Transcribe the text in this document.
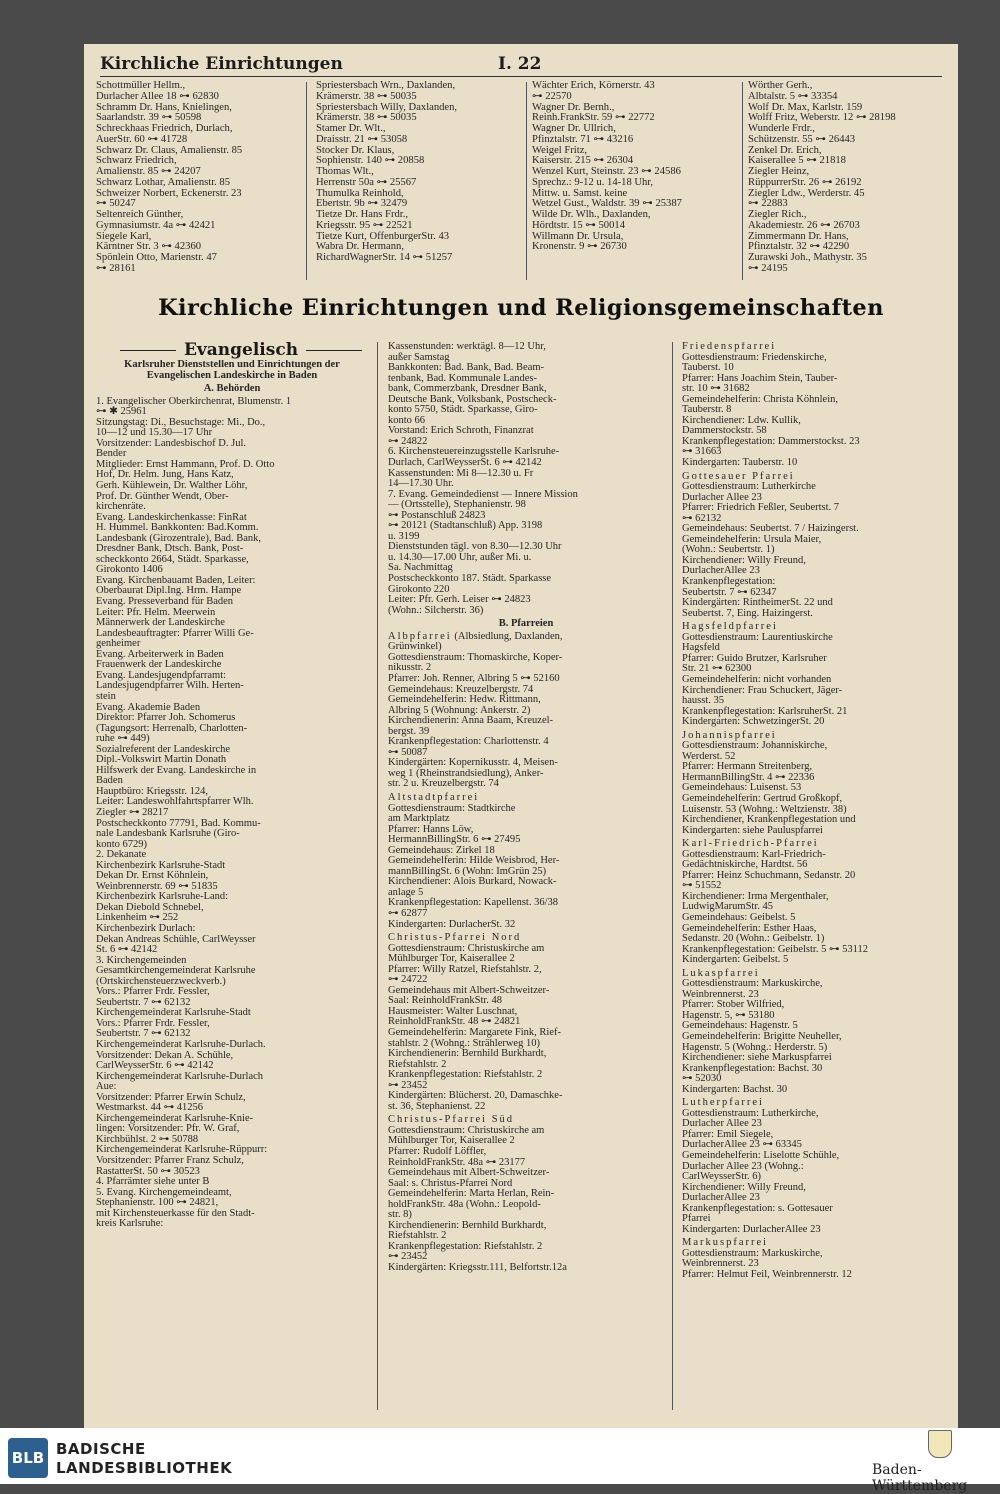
Kirchliche Einrichtungen	I. 22

Schottmüller Hellm.,
Durlacher Allee 18 ⊶ 62830
Schramm Dr. Hans, Knielingen,
Saarlandstr. 39 ⊶ 50598
Schreckhaas Friedrich, Durlach,
AuerStr. 60 ⊶ 41728
Schwarz Dr. Claus, Amalienstr. 85
Schwarz Friedrich,
Amalienstr. 85 ⊶ 24207
Schwarz Lothar, Amalienstr. 85
Schweizer Norbert, Eckenerstr. 23
⊶ 50247
Seltenreich Günther,
Gymnasiumstr. 4a ⊶ 42421
Siegele Karl,
Kärntner Str. 3 ⊶ 42360
Spönlein Otto, Marienstr. 47
⊶ 28161

Spriestersbach Wrn., Daxlanden,
Krämerstr. 38 ⊶ 50035
Spriestersbach Willy, Daxlanden,
Krämerstr. 38 ⊶ 50035
Stamer Dr. Wlt.,
Draisstr. 21 ⊶ 53058
Stocker Dr. Klaus,
Sophienstr. 140 ⊶ 20858
Thomas Wlt.,
Herrenstr 50a ⊶ 25567
Thumulka Reinhold,
Ebertstr. 9b ⊶ 32479
Tietze Dr. Hans Frdr.,
Kriegsstr. 95 ⊶ 22521
Tietze Kurt, OffenburgerStr. 43
Wabra Dr. Hermann,
RichardWagnerStr. 14 ⊶ 51257

Wächter Erich, Körnerstr. 43
⊶ 22570
Wagner Dr. Bernh.,
Reinh.FrankStr. 59 ⊶ 22772
Wagner Dr. Ullrich,
Pfinztalstr. 71 ⊶ 43216
Weigel Fritz,
Kaiserstr. 215 ⊶ 26304
Wenzel Kurt, Steinstr. 23 ⊶ 24586
Sprechz.: 9-12 u. 14-18 Uhr,
Mittw. u. Samst. keine
Wetzel Gust., Waldstr. 39 ⊶ 25387
Wilde Dr. Wlh., Daxlanden,
Hördtstr. 15 ⊶ 50014
Willmann Dr. Ursula,
Kronenstr. 9 ⊶ 26730

Wörther Gerh.,
Albtalstr. 5 ⊶ 33354
Wolf Dr. Max, Karlstr. 159
Wolff Fritz, Weberstr. 12 ⊶ 28198
Wunderle Frdr.,
Schützenstr. 55 ⊶ 26443
Zenkel Dr. Erich,
Kaiserallee 5 ⊶ 21818
Ziegler Heinz,
RüppurrerStr. 26 ⊶ 26192
Ziegler Ldw., Werderstr. 45
⊶ 22883
Ziegler Rich.,
Akademiestr. 26 ⊶ 26703
Zimmermann Dr. Hans,
Pfinztalstr. 32 ⊶ 42290
Zurawski Joh., Mathystr. 35
⊶ 24195

Kirchliche Einrichtungen und Religionsgemeinschaften
Evangelisch

Karlsruher Dienststellen und Einrichtungen der Evangelischen Landeskirche in Baden

A. Behörden

1. Evangelischer Oberkirchenrat, Blumenstr. 1
⊶ ✱ 25961
Sitzungstag: Di., Besuchstage: Mi., Do.,
10—12 und 15.30—17 Uhr
Vorsitzender: Landesbischof D. Jul.
Bender
Mitglieder: Ernst Hammann, Prof. D. Otto
Hof, Dr. Helm. Jung, Hans Katz,
Gerh. Kühlewein, Dr. Walther Löhr,
Prof. Dr. Günther Wendt, Ober-
kirchenräte.
Evang. Landeskirchenkasse: FinRat
H. Hummel. Bankkonten: Bad.Komm.
Landesbank (Girozentrale), Bad. Bank,
Dresdner Bank, Dtsch. Bank, Post-
scheckkonto 2664, Städt. Sparkasse,
Girokonto 1406
Evang. Kirchenbauamt Baden, Leiter:
Oberbaurat Dipl.Ing. Hrm. Hampe
Evang. Presseverband für Baden
Leiter: Pfr. Helm. Meerwein
Männerwerk der Landeskirche
Landesbeauftragter: Pfarrer Willi Ge-
genheimer
Evang. Arbeiterwerk in Baden
Frauenwerk der Landeskirche
Evang. Landesjugendpfarramt:
Landesjugendpfarrer Wilh. Herten-
stein
Evang. Akademie Baden
Direktor: Pfarrer Joh. Schomerus
(Tagungsort: Herrenalb, Charlotten-
ruhe ⊶ 449)
Sozialreferent der Landeskirche
Dipl.-Volkswirt Martin Donath
Hilfswerk der Evang. Landeskirche in
Baden
Hauptbüro: Kriegsstr. 124,
Leiter: Landeswohlfahrtspfarrer Wlh.
Ziegler ⊶ 28217
Postscheckkonto 77791, Bad. Kommu-
nale Landesbank Karlsruhe (Giro-
konto 6729)
2. Dekanate
Kirchenbezirk Karlsruhe-Stadt
Dekan Dr. Ernst Köhnlein,
Weinbrennerstr. 69 ⊶ 51835
Kirchenbezirk Karlsruhe-Land:
Dekan Diebold Schnebel,
Linkenheim ⊶ 252
Kirchenbezirk Durlach:
Dekan Andreas Schühle, CarlWeysser
St. 6 ⊶ 42142
3. Kirchengemeinden
Gesamtkirchengemeinderat Karlsruhe
(Ortskirchensteuerzweckverb.)
Vors.: Pfarrer Frdr. Fessler,
Seubertstr. 7 ⊶ 62132
Kirchengemeinderat Karlsruhe-Stadt
Vors.: Pfarrer Frdr. Fessler,
Seubertstr. 7 ⊶ 62132
Kirchengemeinderat Karlsruhe-Durlach.
Vorsitzender: Dekan A. Schühle,
CarlWeysserStr. 6 ⊶ 42142
Kirchengemeinderat Karlsruhe-Durlach
Aue:
Vorsitzender: Pfarrer Erwin Schulz,
Westmarkst. 44 ⊶ 41256
Kirchengemeinderat Karlsruhe-Knie-
lingen: Vorsitzender: Pfr. W. Graf,
Kirchbühlst. 2 ⊶ 50788
Kirchengemeinderat Karlsruhe-Rüppurr:
Vorsitzender: Pfarrer Franz Schulz,
RastatterSt. 50 ⊶ 30523
4. Pfarrämter siehe unter B
5. Evang. Kirchengemeindeamt,
Stephanienstr. 100 ⊶ 24821,
mit Kirchensteuerkasse für den Stadt-
kreis Karlsruhe:

Kassenstunden: werktägl. 8—12 Uhr,
außer Samstag
Bankkonten: Bad. Bank, Bad. Beam-
tenbank, Bad. Kommunale Landes-
bank, Commerzbank, Dresdner Bank,
Deutsche Bank, Volksbank, Postscheck-
konto 5750, Städt. Sparkasse, Giro-
konto 66
Vorstand: Erich Schroth, Finanzrat
⊶ 24822
6. Kirchensteuereinzugsstelle Karlsruhe-
Durlach, CarlWeysserSt. 6 ⊶ 42142
Kassenstunden: Mi 8—12.30 u. Fr
14—17.30 Uhr.
7. Evang. Gemeindedienst — Innere Mission
— (Ortsstelle), Stephanienstr. 98
⊶ Postanschluß 24823
⊶ 20121 (Stadtanschluß) App. 3198
u. 3199
Dienststunden tägl. von 8.30—12.30 Uhr
u. 14.30—17.00 Uhr, außer Mi. u.
Sa. Nachmittag
Postscheckkonto 187. Städt. Sparkasse
Girokonto 220
Leiter: Pfr. Gerh. Leiser ⊶ 24823
(Wohn.: Silcherstr. 36)

B. Pfarreien

Albpfarrei (Albsiedlung, Daxlanden,
Grünwinkel)
Gottesdienstraum: Thomaskirche, Koper-
nikusstr. 2
Pfarrer: Joh. Renner, Albring 5 ⊶ 52160
Gemeindehaus: Kreuzelbergstr. 74
Gemeindehelferin: Hedw. Rittmann,
Albring 5 (Wohnung: Ankerstr. 2)
Kirchendienerin: Anna Baam, Kreuzel-
bergst. 39
Krankenpflegestation: Charlottenstr. 4
⊶ 50087
Kindergärten: Kopernikusstr. 4, Meisen-
weg 1 (Rheinstrandsiedlung), Anker-
str. 2 u. Kreuzelbergstr. 74

Altstadtpfarrei

Gottesdienstraum: Stadtkirche
am Marktplatz
Pfarrer: Hanns Löw,
HermannBillingStr. 6 ⊶ 27495
Gemeindehaus: Zirkel 18
Gemeindehelferin: Hilde Weisbrod, Her-
mannBillingSt. 6 (Wohn: ImGrün 25)
Kirchendiener: Alois Burkard, Nowack-
anlage 5
Krankenpflegestation: Kapellenst. 36/38
⊶ 62877
Kindergarten: DurlacherSt. 32

Christus-Pfarrei Nord

Gottesdienstraum: Christuskirche am
Mühlburger Tor, Kaiserallee 2
Pfarrer: Willy Ratzel, Riefstahlstr. 2,
⊶ 24722
Gemeindehaus mit Albert-Schweitzer-
Saal: ReinholdFrankStr. 48
Hausmeister: Walter Luschnat,
ReinholdFrankStr. 48 ⊶ 24821
Gemeindehelferin: Margarete Fink, Rief-
stahlstr. 2 (Wohng.: Strählerweg 10)
Kirchendienerin: Bernhild Burkhardt,
Riefstahlstr. 2
Krankenpflegestation: Riefstahlstr. 2
⊶ 23452
Kindergärten: Blücherst. 20, Damaschke-
st. 36, Stephanienst. 22

Christus-Pfarrei Süd

Gottesdienstraum: Christuskirche am
Mühlburger Tor, Kaiserallee 2
Pfarrer: Rudolf Löffler,
ReinholdFrankStr. 48a ⊶ 23177
Gemeindehaus mit Albert-Schweitzer-
Saal: s. Christus-Pfarrei Nord
Gemeindehelferin: Marta Herlan, Rein-
holdFrankStr. 48a (Wohn.: Leopold-
str. 8)
Kirchendienerin: Bernhild Burkhardt,
Riefstahlstr. 2
Krankenpflegestation: Riefstahlstr. 2
⊶ 23452
Kindergärten: Kriegsstr.111, Belfortstr.12a

Friedenspfarrei

Gottesdienstraum: Friedenskirche,
Tauberst. 10
Pfarrer: Hans Joachim Stein, Tauber-
str. 10 ⊶ 31682
Gemeindehelferin: Christa Köhnlein,
Tauberstr. 8
Kirchendiener: Ldw. Kullik,
Dammerstockstr. 58
Krankenpflegestation: Dammerstockst. 23
⊶ 31663
Kindergarten: Tauberstr. 10

Gottesauer Pfarrei

Gottesdienstraum: Lutherkirche
Durlacher Allee 23
Pfarrer: Friedrich Feßler, Seubertst. 7
⊶ 62132
Gemeindehaus: Seubertst. 7 / Haizingerst.
Gemeindehelferin: Ursula Maier,
(Wohn.: Seubertstr. 1)
Kirchendiener: Willy Freund,
DurlacherAllee 23
Krankenpflegestation:
Seubertstr. 7 ⊶ 62347
Kindergärten: RintheimerSt. 22 und
Seubertst. 7, Eing. Haizingerst.

Hagsfeldpfarrei

Gottesdienstraum: Laurentiuskirche
Hagsfeld
Pfarrer: Guido Brutzer, Karlsruher
Str. 21 ⊶ 62300
Gemeindehelferin: nicht vorhanden
Kirchendiener: Frau Schuckert, Jäger-
hausst. 35
Krankenpflegestation: KarlsruherSt. 21
Kindergarten: SchwetzingerSt. 20

Johannispfarrei

Gottesdienstraum: Johanniskirche,
Werderst. 52
Pfarrer: Hermann Streitenberg,
HermannBillingStr. 4 ⊶ 22336
Gemeindehaus: Luisenst. 53
Gemeindehelferin: Gertrud Großkopf,
Luisenstr. 53 (Wohng.: Weltzienstr. 38)
Kirchendiener, Krankenpflegestation und
Kindergarten: siehe Pauluspfarrei

Karl-Friedrich-Pfarrei

Gottesdienstraum: Karl-Friedrich-
Gedächtniskirche, Hardtst. 56
Pfarrer: Heinz Schuchmann, Sedanstr. 20
⊶ 51552
Kirchendiener: Irma Mergenthaler,
LudwigMarumStr. 45
Gemeindehaus: Geibelst. 5
Gemeindehelferin: Esther Haas,
Sedanstr. 20 (Wohn.: Geibelstr. 1)
Krankenpflegestation: Geibelstr. 5 ⊶ 53112
Kindergarten: Geibelst. 5

Lukaspfarrei

Gottesdienstraum: Markuskirche,
Weinbrennerst. 23
Pfarrer: Stober Wilfried,
Hagenstr. 5, ⊶ 53180
Gemeindehaus: Hagenstr. 5
Gemeindehelferin: Brigitte Neuheller,
Hagenstr. 5 (Wohng.: Herderstr. 5)
Kirchendiener: siehe Markuspfarrei
Krankenpflegestation: Bachst. 30
⊶ 52030
Kindergarten: Bachst. 30

Lutherpfarrei

Gottesdienstraum: Lutherkirche,
Durlacher Allee 23
Pfarrer: Emil Siegele,
DurlacherAllee 23 ⊶ 63345
Gemeindehelferin: Liselotte Schühle,
Durlacher Allee 23 (Wohng.:
CarlWeysserStr. 6)
Kirchendiener: Willy Freund,
DurlacherAllee 23
Krankenpflegestation: s. Gottesauer
Pfarrei
Kindergarten: DurlacherAllee 23

Markuspfarrei

Gottesdienstraum: Markuskirche,
Weinbrennerst. 23
Pfarrer: Helmut Feil, Weinbrennerstr. 12

BLB BADISCHE
LANDESBIBLIOTHEK	Baden-Württemberg
